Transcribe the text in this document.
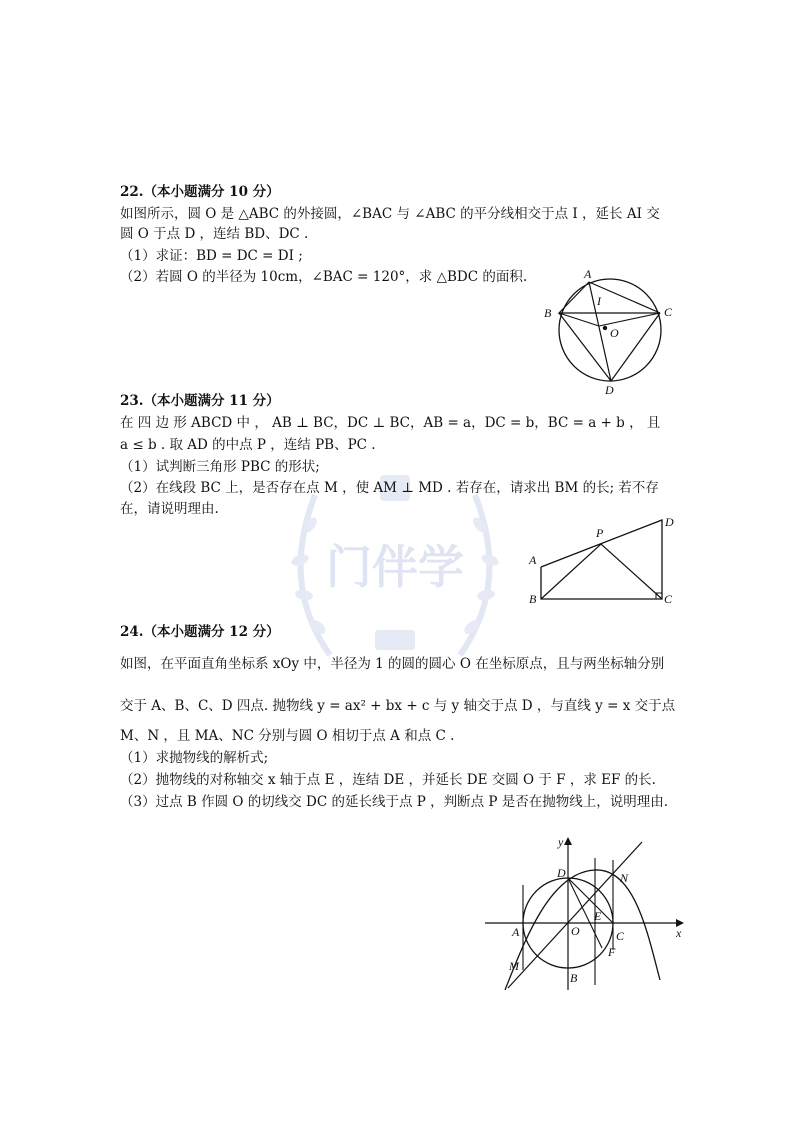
门伴学
22.（本小题满分 10 分）
如图所示，圆 O 是 △ABC 的外接圆，∠BAC 与 ∠ABC 的平分线相交于点 I ，延长 AI 交
圆 O 于点 D ，连结 BD、DC .
（1）求证：BD = DC = DI ;
（2）若圆 O 的半径为 10cm，∠BAC = 120°，求 △BDC 的面积.	A
B	C
D
I
O
23.（本小题满分 11 分）
在 四 边 形 ABCD 中 ， AB ⊥ BC，DC ⊥ BC，AB = a，DC = b，BC = a + b ， 且
a ≤ b . 取 AD 的中点 P ，连结 PB、PC .
（1）试判断三角形 PBC 的形状;
（2）在线段 BC 上，是否存在点 M ，使 AM ⊥ MD . 若存在，请求出 BM 的长; 若不存
在，请说明理由.
A
B	C
D
P
24.（本小题满分 12 分）
如图，在平面直角坐标系 xOy 中，半径为 1 的圆的圆心 O 在坐标原点，且与两坐标轴分别
交于 A、B、C、D 四点. 抛物线 y = ax² + bx + c 与 y 轴交于点 D ，与直线 y = x 交于点
M、N ，且 MA、NC 分别与圆 O 相切于点 A 和点 C .
（1）求抛物线的解析式;
（2）抛物线的对称轴交 x 轴于点 E ，连结 DE ，并延长 DE 交圆 O 于 F ，求 EF 的长.
（3）过点 B 作圆 O 的切线交 DC 的延长线于点 P ，判断点 P 是否在抛物线上，说明理由.
y
x
D	N
E
A	O	C
F
M
B
